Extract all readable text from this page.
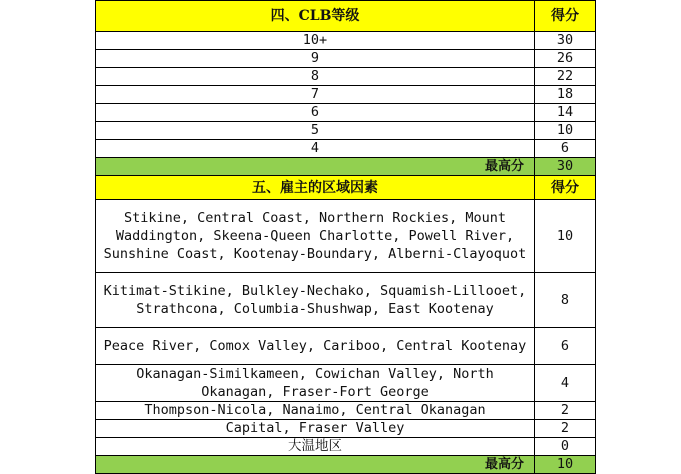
四、CLB等级	得分
10+	30
9	26
8	22
7	18
6	14
5	10
4	6
最高分	30
五、雇主的区域因素	得分
Stikine, Central Coast, Northern Rockies, Mount Waddington, Skeena-Queen Charlotte, Powell River, Sunshine Coast, Kootenay-Boundary, Alberni-Clayoquot	10
Kitimat-Stikine, Bulkley-Nechako, Squamish-Lillooet, Strathcona, Columbia-Shushwap, East Kootenay	8
Peace River, Comox Valley, Cariboo, Central Kootenay	6
Okanagan-Similkameen, Cowichan Valley, North Okanagan, Fraser-Fort George	4
Thompson-Nicola, Nanaimo, Central Okanagan	2
Capital, Fraser Valley	2
大温地区	0
最高分	10
